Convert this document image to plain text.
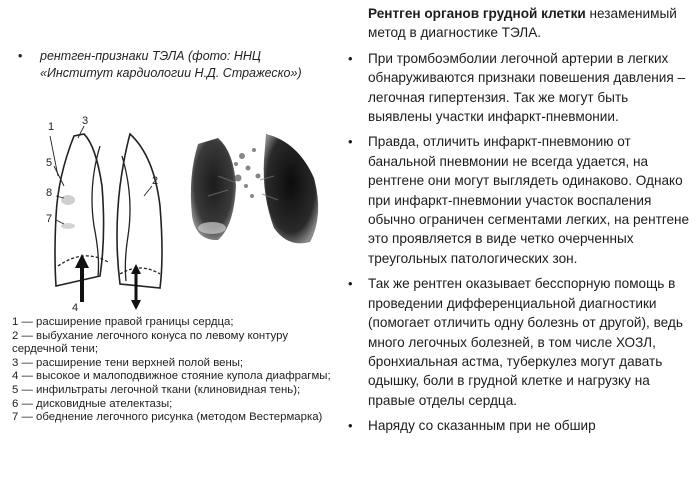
• рентген-признаки ТЭЛА (фото: ННЦ «Институт кардиологии Н.Д. Стражеско»)
1	3
5
8
7
2
4
1 — расширение правой границы сердца;
2 — выбухание легочного конуса по левому контуру сердечной тени;
3 — расширение тени верхней полой вены;
4 — высокое и малоподвижное стояние купола диафрагмы;
5 — инфильтраты легочной ткани (клиновидная тень);
6 — дисковидные ателектазы;
7 — обеднение легочного рисунка (методом Вестермарка)

Рентген органов грудной клетки незаменимый метод в диагностике ТЭЛА.

• При тромбоэмболии легочной артерии в легких обнаруживаются признаки повешения давления – легочная гипертензия. Так же могут быть выявлены участки инфаркт-пневмонии.
• Правда, отличить инфаркт-пневмонию от банальной пневмонии не всегда удается, на рентгене они могут выглядеть одинаково. Однако при инфаркт-пневмонии участок воспаления обычно ограничен сегментами легких, на рентгене это проявляется в виде четко очерченных треугольных патологических зон.
• Так же рентген оказывает бесспорную помощь в проведении дифференциальной диагностики (помогает отличить одну болезнь от другой), ведь много легочных болезней, в том числе ХОЗЛ, бронхиальная астма, туберкулез могут давать одышку, боли в грудной клетке и нагрузку на правые отделы сердца.
• Наряду со сказанным при не обшир
